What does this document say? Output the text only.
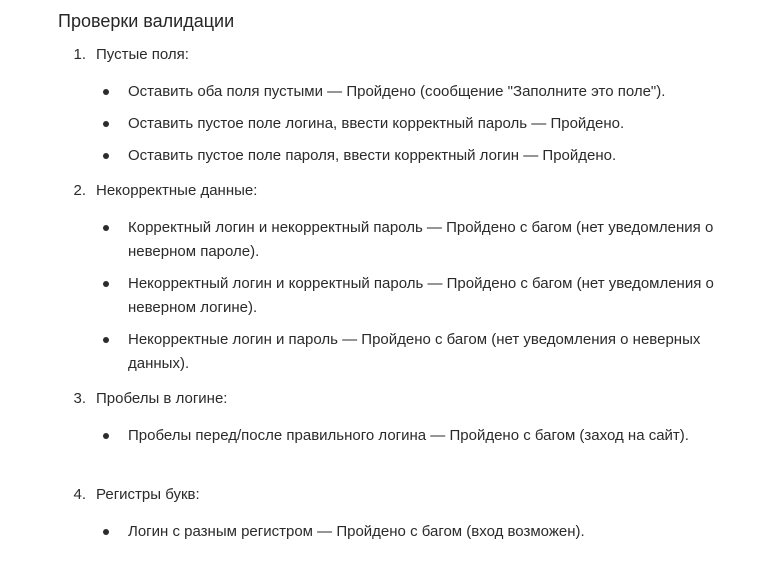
Проверки валидации
1. Пустые поля:
Оставить оба поля пустыми — Пройдено (сообщение "Заполните это поле").
Оставить пустое поле логина, ввести корректный пароль — Пройдено.
Оставить пустое поле пароля, ввести корректный логин — Пройдено.
2. Некорректные данные:
Корректный логин и некорректный пароль — Пройдено с багом (нет уведомления о неверном пароле).
Некорректный логин и корректный пароль — Пройдено с багом (нет уведомления о неверном логине).
Некорректные логин и пароль — Пройдено с багом (нет уведомления о неверных данных).
3. Пробелы в логине:
Пробелы перед/после правильного логина — Пройдено с багом (заход на сайт).
4. Регистры букв:
Логин с разным регистром — Пройдено с багом (вход возможен).
